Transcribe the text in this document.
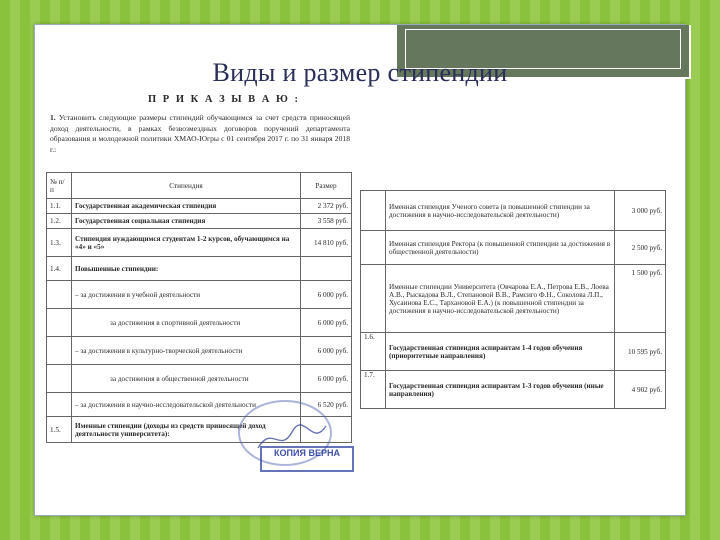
Виды и размер стипендии
П Р И К А З Ы В А Ю :
1. Установить следующие размеры стипендий обучающимся за счет средств приносящей доход деятельности, в рамках безвозмездных договоров поручений департамента образования и молодежной политики ХМАО-Югры с 01 сентября 2017 г. по 31 января 2018 г.:
№ п/п	Стипендия	Размер
1.1.	Государственная академическая стипендия	2 372 руб.
1.2.	Государственная социальная стипендия	3 558 руб.
1.3.	Стипендия нуждающимся студентам 1-2 курсов, обучающимся на «4» и «5»	14 810 руб.
1.4.	Повышенные стипендии:	
	– за достижения в учебной деятельности	6 000 руб.
	за достижения в спортивной деятельности	6 000 руб.
	– за достижения в культурно-творческой деятельности	6 000 руб.
	за достижения в общественной деятельности	6 000 руб.
	– за достижения в научно-исследовательской деятельности	6 520 руб.
1.5.	Именные стипендии (доходы из средств приносящей доход деятельности университета):	
	Именная стипендия Ученого совета (в повышенной стипендии за достижения в научно-исследовательской деятельности)	3 000 руб.
	Именная стипендия Ректора (к повышенной стипендии за достижения в общественной деятельности)	2 500 руб.
	Именные стипендии Университета (Овчарова Е.А., Петрова Е.В., Лоева А.В., Рыскадова В.Л., Степановой В.В., Рамсиго Ф.Н., Соколова Л.П., Хусаинова Е.С., Тархановой Е.А.) (к повышенной стипендии за достижения в научно-исследовательской деятельности)	1 500 руб.
1.6.	Государственная стипендия аспирантам 1-4 годов обучения (приоритетные направления)	10 595 руб.
1.7.	Государственная стипендия аспирантам 1-3 годов обучения (иные направления)	4 902 руб.
КОПИЯ ВЕРНА
